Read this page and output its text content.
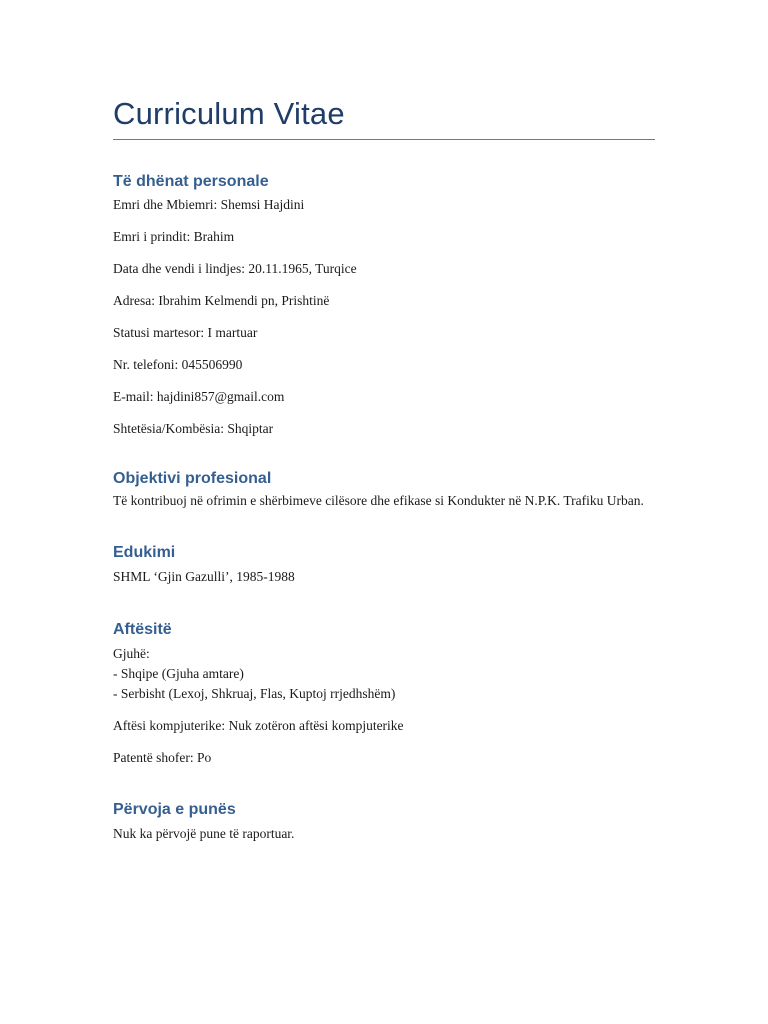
Curriculum Vitae
Të dhënat personale

Emri dhe Mbiemri: Shemsi Hajdini

Emri i prindit: Brahim

Data dhe vendi i lindjes: 20.11.1965, Turqice

Adresa: Ibrahim Kelmendi pn, Prishtinë

Statusi martesor: I martuar

Nr. telefoni: 045506990

E-mail: hajdini857@gmail.com

Shtetësia/Kombësia: Shqiptar

Objektivi profesional

Të kontribuoj në ofrimin e shërbimeve cilësore dhe efikase si Kondukter në N.P.K. Trafiku Urban.

Edukimi

SHML ‘Gjin Gazulli’, 1985-1988

Aftësitë
Gjuhë:
- Shqipe (Gjuha amtare)
- Serbisht (Lexoj, Shkruaj, Flas, Kuptoj rrjedhshëm)

Aftësi kompjuterike: Nuk zotëron aftësi kompjuterike

Patentë shofer: Po

Përvoja e punës

Nuk ka përvojë pune të raportuar.
